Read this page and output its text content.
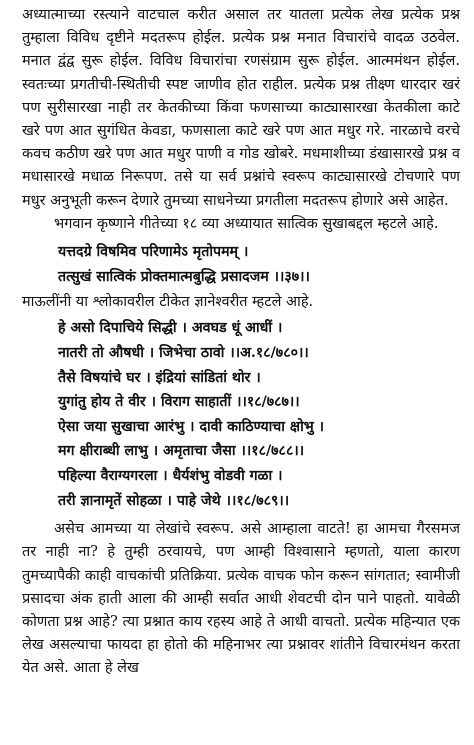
अध्यात्माच्या रस्त्याने वाटचाल करीत असाल तर यातला प्रत्येक लेख प्रत्येक प्रश्न तुम्हाला विविध दृष्टीने मदतरूप होईल. प्रत्येक प्रश्न मनात विचारांचे वादळ उठवेल. मनात द्वंद्व सुरू होईल. विविध विचारांचा रणसंग्राम सुरू होईल. आत्ममंथन होईल. स्वतःच्या प्रगतीची-स्थितीची स्पष्ट जाणीव होत राहील. प्रत्येक प्रश्न तीक्ष्ण धारदार खरं पण सुरीसारखा नाही तर केतकीच्या किंवा फणसाच्या काट्यासारखा केतकीला काटे खरे पण आत सुगंधित केवडा, फणसाला काटे खरे पण आत मधुर गरे. नारळाचे वरचे कवच कठीण खरे पण आत मधुर पाणी व गोड खोबरे. मधमाशीच्या डंखासारखे प्रश्न व मधासारखे मधाळ निरूपण. तसे या सर्व प्रश्नांचे स्वरूप काट्यासारखे टोचणारे पण मधुर अनुभूती करून देणारे तुमच्या साधनेच्या प्रगतीला मदतरूप होणारे असे आहेत.

भगवान कृष्णाने गीतेच्या १८ व्या अध्यायात सात्विक सुखाबद्दल म्हटले आहे.

यत्तदग्रे विषमिव परिणामेऽ मृतोपमम् ।

तत्सुखं सात्विकं प्रोक्तमात्मबुद्धि प्रसादजम ।।३७।।

माऊलींनी या श्लोकावरील टीकेत ज्ञानेश्वरीत म्हटले आहे.

हे असो दिपाचिये सिद्धी । अवघड धूं आधीं ।

नातरी तो औषधी । जिभेचा ठावो ।।अ.१८/७८०।।

तैसे विषयांचे घर । इंद्रियां सांडितां थोर ।

युगांतु होय ते वीर । विराग साहातीं ।।१८/७८७।।

ऐसा जया सुखाचा आरंभु । दावी काठिण्याचा क्षोभु ।

मग क्षीराब्धी लाभु । अमृताचा जैसा ।।१८/७८८।।

पहिल्या वैराग्यगरला । धैर्यशंभु वोडवी गळा ।

तरी ज्ञानामृतें सोहळा । पाहे जेथे ।।१८/७८९।।

असेच आमच्या या लेखांचे स्वरूप. असे आम्हाला वाटते! हा आमचा गैरसमज तर नाही ना? हे तुम्ही ठरवायचे, पण आम्ही विश्वासाने म्हणतो, याला कारण तुमच्यापैकी काही वाचकांची प्रतिक्रिया. प्रत्येक वाचक फोन करून सांगतात; स्वामीजी प्रसादचा अंक हाती आला की आम्ही सर्वात आधी शेवटची दोन पाने पाहतो. यावेळी कोणता प्रश्न आहे? त्या प्रश्नात काय रहस्य आहे ते आधी वाचतो. प्रत्येक महिन्यात एक लेख असल्याचा फायदा हा होतो की महिनाभर त्या प्रश्नावर शांतीने विचारमंथन करता येत असे. आता हे लेख
